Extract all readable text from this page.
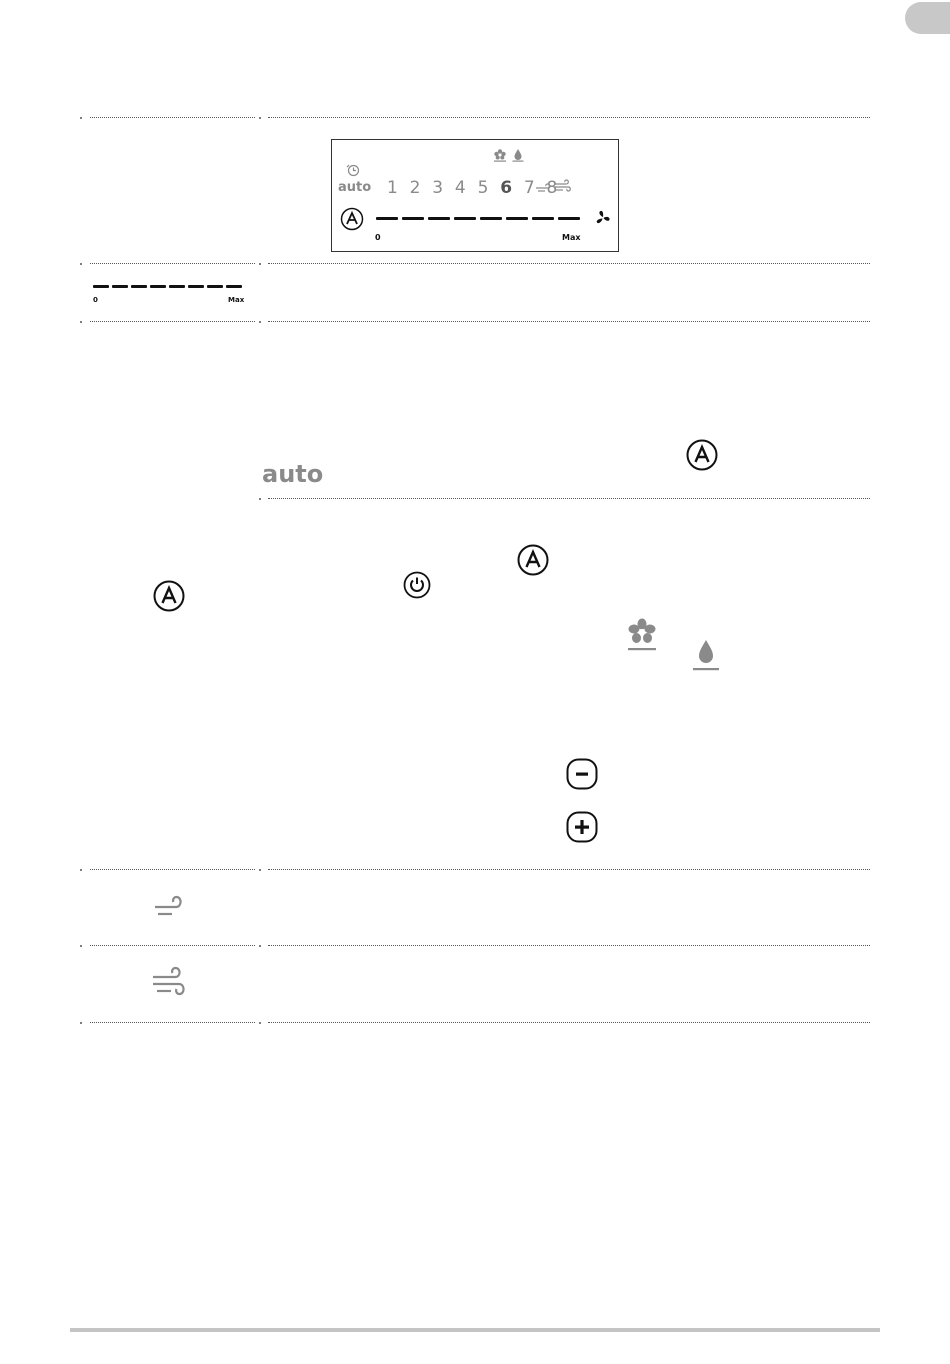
auto 1 2 3 4 5 6 7 8
0	Max
0	Max
auto
